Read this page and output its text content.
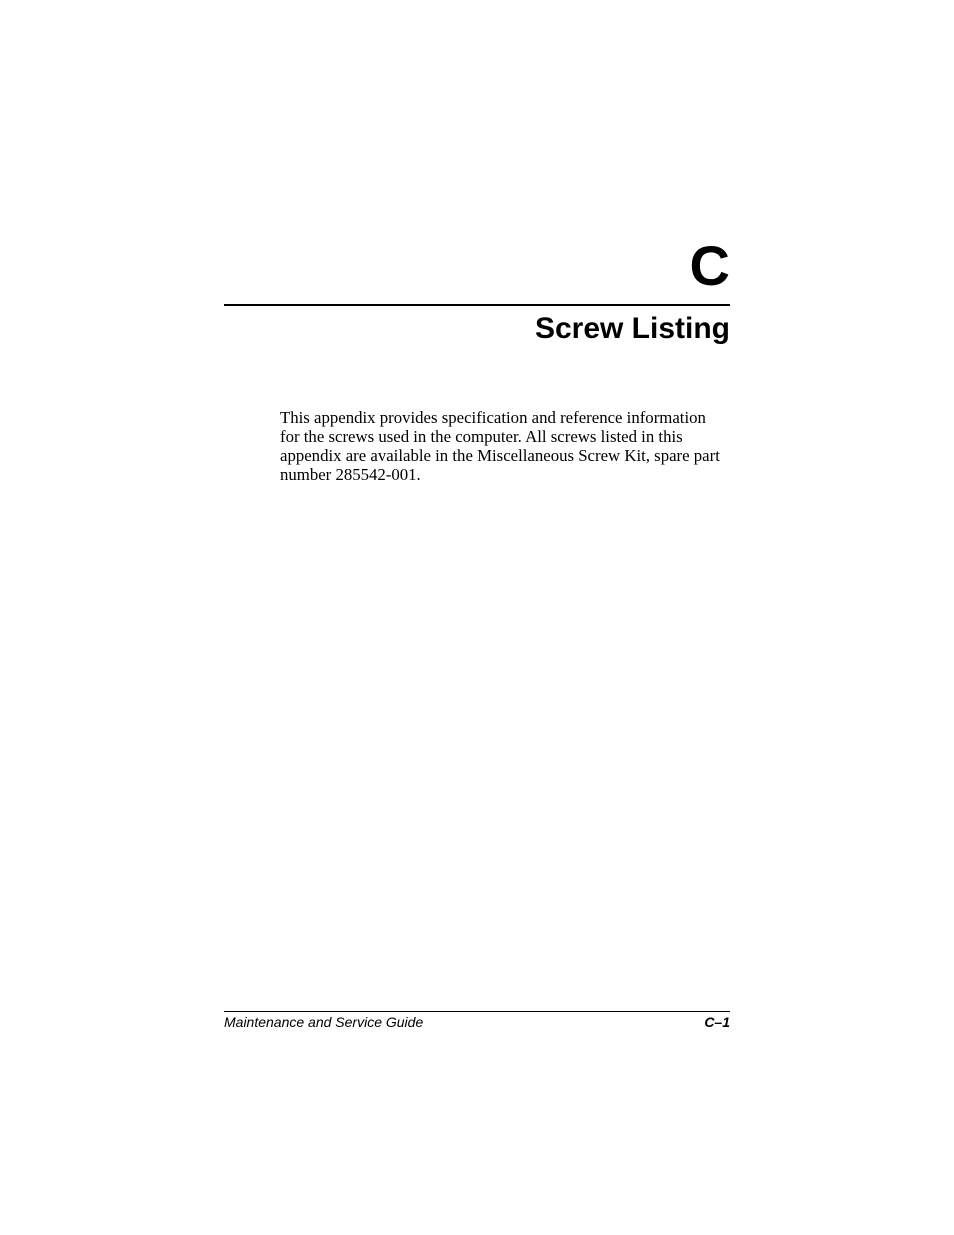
C
Screw Listing
This appendix provides specification and reference information
for the screws used in the computer. All screws listed in this
appendix are available in the Miscellaneous Screw Kit, spare part
number 285542-001.
Maintenance and Service Guide	C–1
